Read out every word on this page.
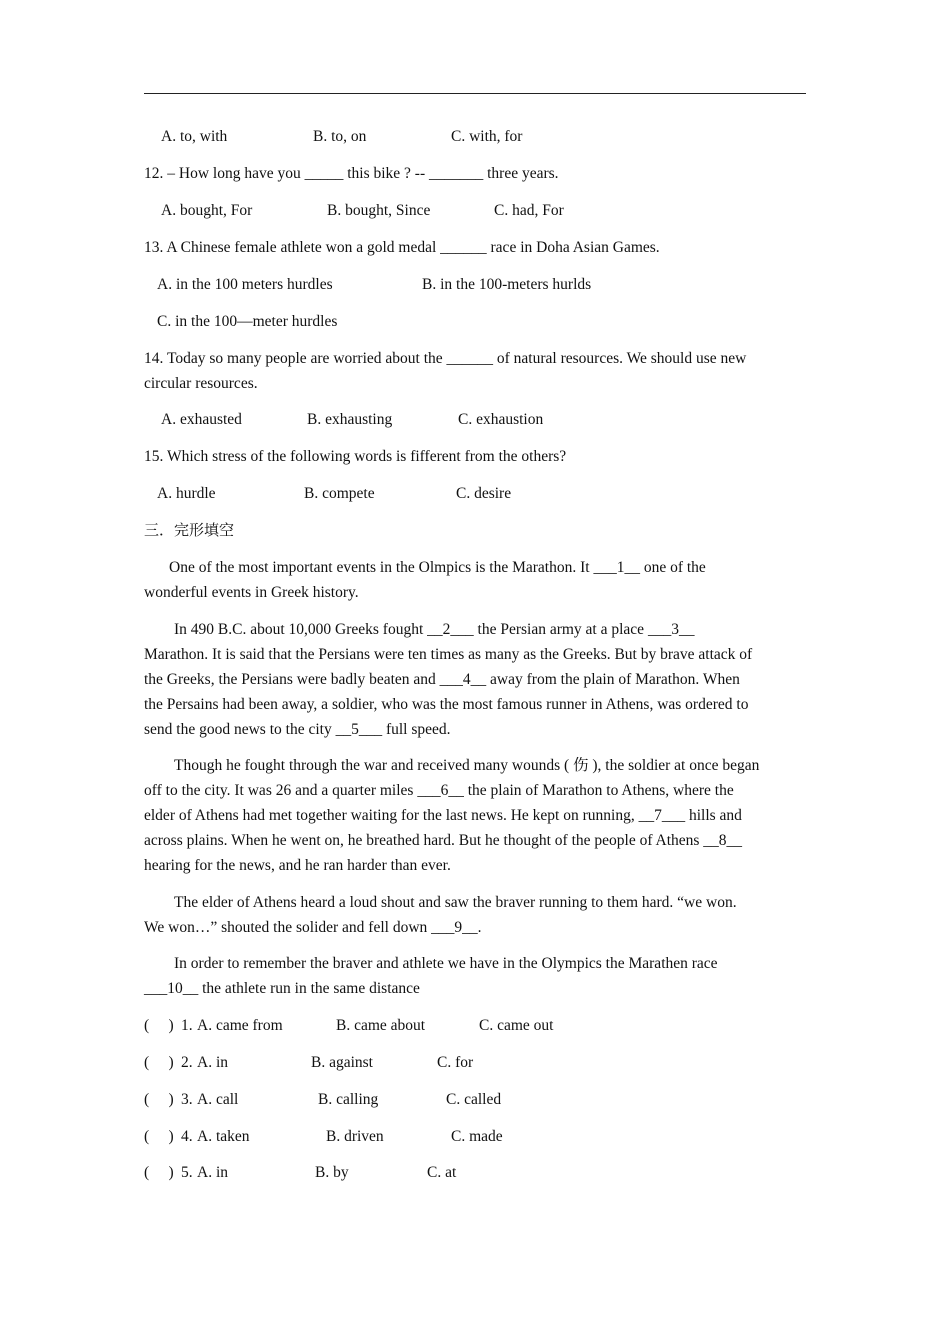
A. to, with	B. to, on	C. with, for
12. – How long have you _____ this bike ? -- _______ three years.
A. bought, For	B. bought, Since	C. had, For
13. A Chinese female athlete won a gold medal ______ race in Doha Asian Games.
A. in the 100 meters hurdles	B. in the 100-meters hurlds
C. in the 100—meter hurdles
14. Today so many people are worried about the ______ of natural resources. We should use new
circular resources.
A. exhausted	B. exhausting	C. exhaustion
15. Which stress of the following words is fifferent from the others?
A. hurdle	B. compete	C. desire
三．完形填空
One of the most important events in the Olmpics is the Marathon. It ___1__ one of the
wonderful events in Greek history.
In 490 B.C. about 10,000 Greeks fought __2___ the Persian army at a place ___3__
Marathon. It is said that the Persians were ten times as many as the Greeks. But by brave attack of
the Greeks, the Persians were badly beaten and ___4__ away from the plain of Marathon. When
the Persains had been away, a soldier, who was the most famous runner in Athens, was ordered to
send the good news to the city __5___ full speed.
Though he fought through the war and received many wounds ( 伤 ), the soldier at once began
off to the city. It was 26 and a quarter miles ___6__ the plain of Marathon to Athens, where the
elder of Athens had met together waiting for the last news. He kept on running, __7___ hills and
across plains. When he went on, he breathed hard. But he thought of the people of Athens __8__
hearing for the news, and he ran harder than ever.
The elder of Athens heard a loud shout and saw the braver running to them hard. “we won.
We won…” shouted the solider and fell down ___9__.
In order to remember the braver and athlete we have in the Olympics the Marathen race
___10__ the athlete run in the same distance
(     ) 1. A. came from	B. came about	C. came out
(     ) 2. A. in	B. against	C. for
(     ) 3. A. call	B. calling	C. called
(     ) 4. A. taken	B. driven	C. made
(     ) 5. A. in	B. by	C. at
